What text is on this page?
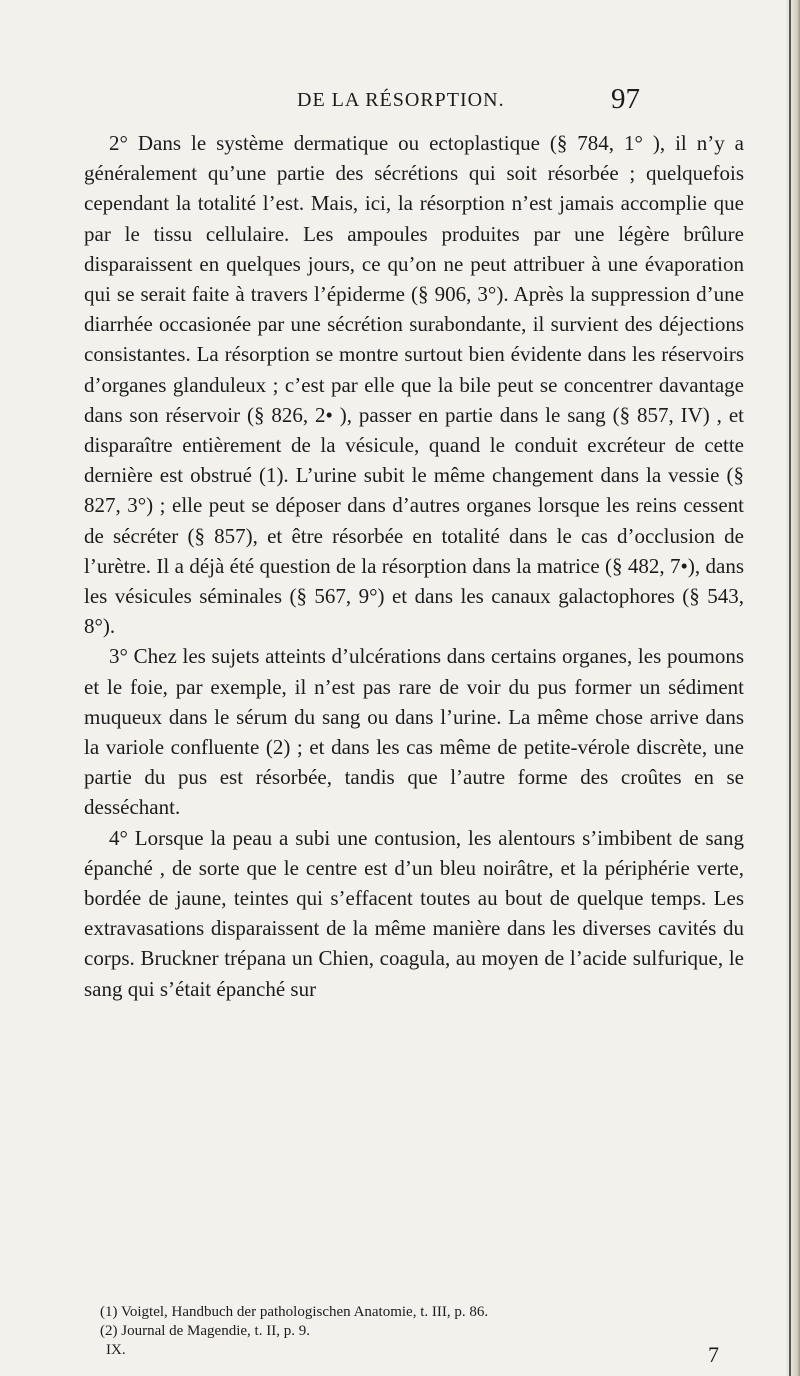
DE LA RÉSORPTION.	97

2° Dans le système dermatique ou ectoplastique (§ 784, 1° ), il n’y a généralement qu’une partie des sécrétions qui soit résorbée ; quelquefois cependant la totalité l’est. Mais, ici, la résorption n’est jamais accomplie que par le tissu cellulaire. Les ampoules produites par une légère brûlure disparaissent en quelques jours, ce qu’on ne peut attribuer à une évaporation qui se serait faite à travers l’épiderme (§ 906, 3°). Après la suppression d’une diarrhée occasionée par une sécrétion surabondante, il survient des déjections consistantes. La résorption se montre surtout bien évidente dans les réservoirs d’organes glanduleux ; c’est par elle que la bile peut se concentrer davantage dans son réservoir (§ 826, 2• ), passer en partie dans le sang (§ 857, IV) , et disparaître entièrement de la vésicule, quand le conduit excréteur de cette dernière est obstrué (1). L’urine subit le même changement dans la vessie (§ 827, 3°) ; elle peut se déposer dans d’autres organes lorsque les reins cessent de sécréter (§ 857), et être résorbée en totalité dans le cas d’occlusion de l’urètre. Il a déjà été question de la résorption dans la matrice (§ 482, 7•), dans les vésicules séminales (§ 567, 9°) et dans les canaux galactophores (§ 543, 8°).

3° Chez les sujets atteints d’ulcérations dans certains organes, les poumons et le foie, par exemple, il n’est pas rare de voir du pus former un sédiment muqueux dans le sérum du sang ou dans l’urine. La même chose arrive dans la variole confluente (2) ; et dans les cas même de petite-vérole discrète, une partie du pus est résorbée, tandis que l’autre forme des croûtes en se desséchant.

4° Lorsque la peau a subi une contusion, les alentours s’imbibent de sang épanché , de sorte que le centre est d’un bleu noirâtre, et la périphérie verte, bordée de jaune, teintes qui s’effacent toutes au bout de quelque temps. Les extravasations disparaissent de la même manière dans les diverses cavités du corps. Bruckner trépana un Chien, coagula, au moyen de l’acide sulfurique, le sang qui s’était épanché sur

(1) Voigtel, Handbuch der pathologischen Anatomie, t. III, p. 86.
(2) Journal de Magendie, t. II, p. 9.
IX.	7
